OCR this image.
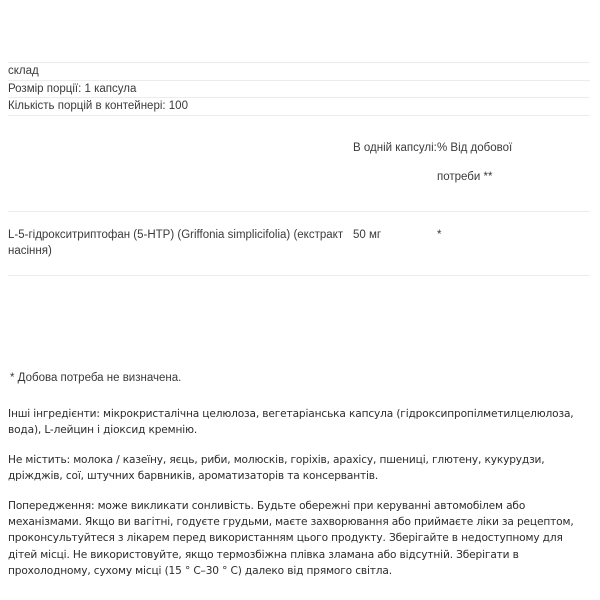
склад		
Розмір порції: 1 капсула		
Кількість порцій в контейнері: 100		
	В одній капсулі:	% Від добової
потреби **

L-5-гідрокситриптофан (5-HTP) (Griffonia simplicifolia) (екстракт насіння)	50 мг	*

* Добова потреба не визначена.

Інші інгредієнти: мікрокристалічна целюлоза, вегетаріанська капсула (гідроксипропілметилцелюлоза, вода), L-лейцин і діоксид кремнію.

Не містить: молока / казеїну, яєць, риби, молюсків, горіхів, арахісу, пшениці, глютену, кукурудзи, дріжджів, сої, штучних барвників, ароматизаторів та консервантів.

Попередження: може викликати сонливість. Будьте обережні при керуванні автомобілем або механізмами. Якщо ви вагітні, годуєте грудьми, маєте захворювання або приймаєте ліки за рецептом, проконсультуйтеся з лікарем перед використанням цього продукту. Зберігайте в недоступному для дітей місці. Не використовуйте, якщо термозбіжна плівка зламана або відсутній. Зберігати в прохолодному, сухому місці (15 ° С–30 ° С) далеко від прямого світла.
